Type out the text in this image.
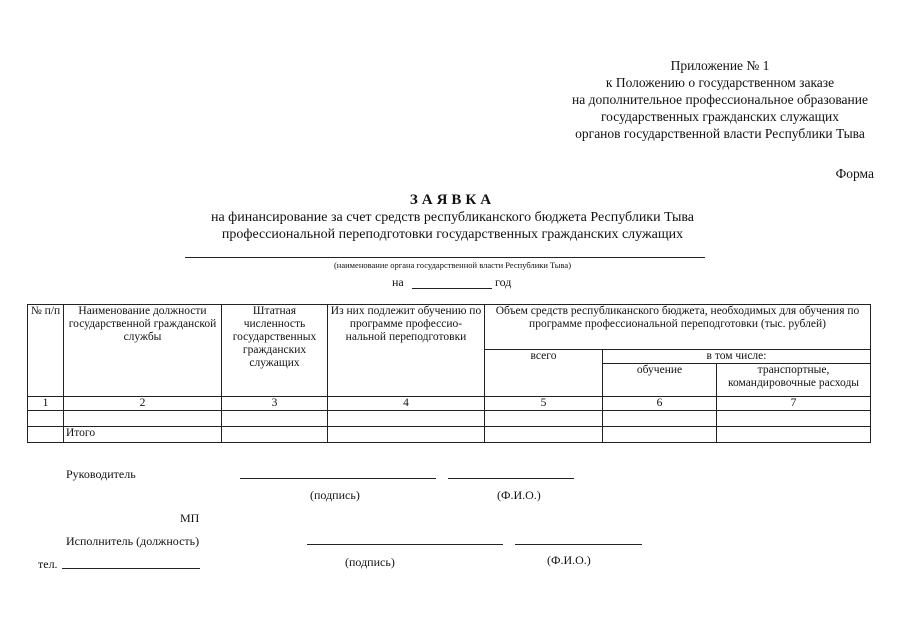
Приложение № 1
к Положению о государственном заказе
на дополнительное профессиональное образование
государственных гражданских служащих
органов государственной власти Республики Тыва
Форма
ЗАЯВКА
на финансирование за счет средств республиканского бюджета Республики Тыва
профессиональной переподготовки государственных гражданских служащих
(наименование органа государственной власти Республики Тыва)
на	год
№ п/п	Наименование должности государственной гражданской службы	Штатная численность государственных гражданских служащих	Из них подлежит обучению по программе профессио-нальной переподготовки	Объем средств республиканского бюджета, необходимых для обучения по программе профессиональной переподготовки (тыс. рублей)		
				всего	в том числе:	
					обучение	транспортные, командировочные расходы
1	2	3	4	5	6	7

	Итого					
Руководитель
(подпись)	(Ф.И.О.)
МП
Исполнитель (должность)
(подпись)	(Ф.И.О.)
тел.
